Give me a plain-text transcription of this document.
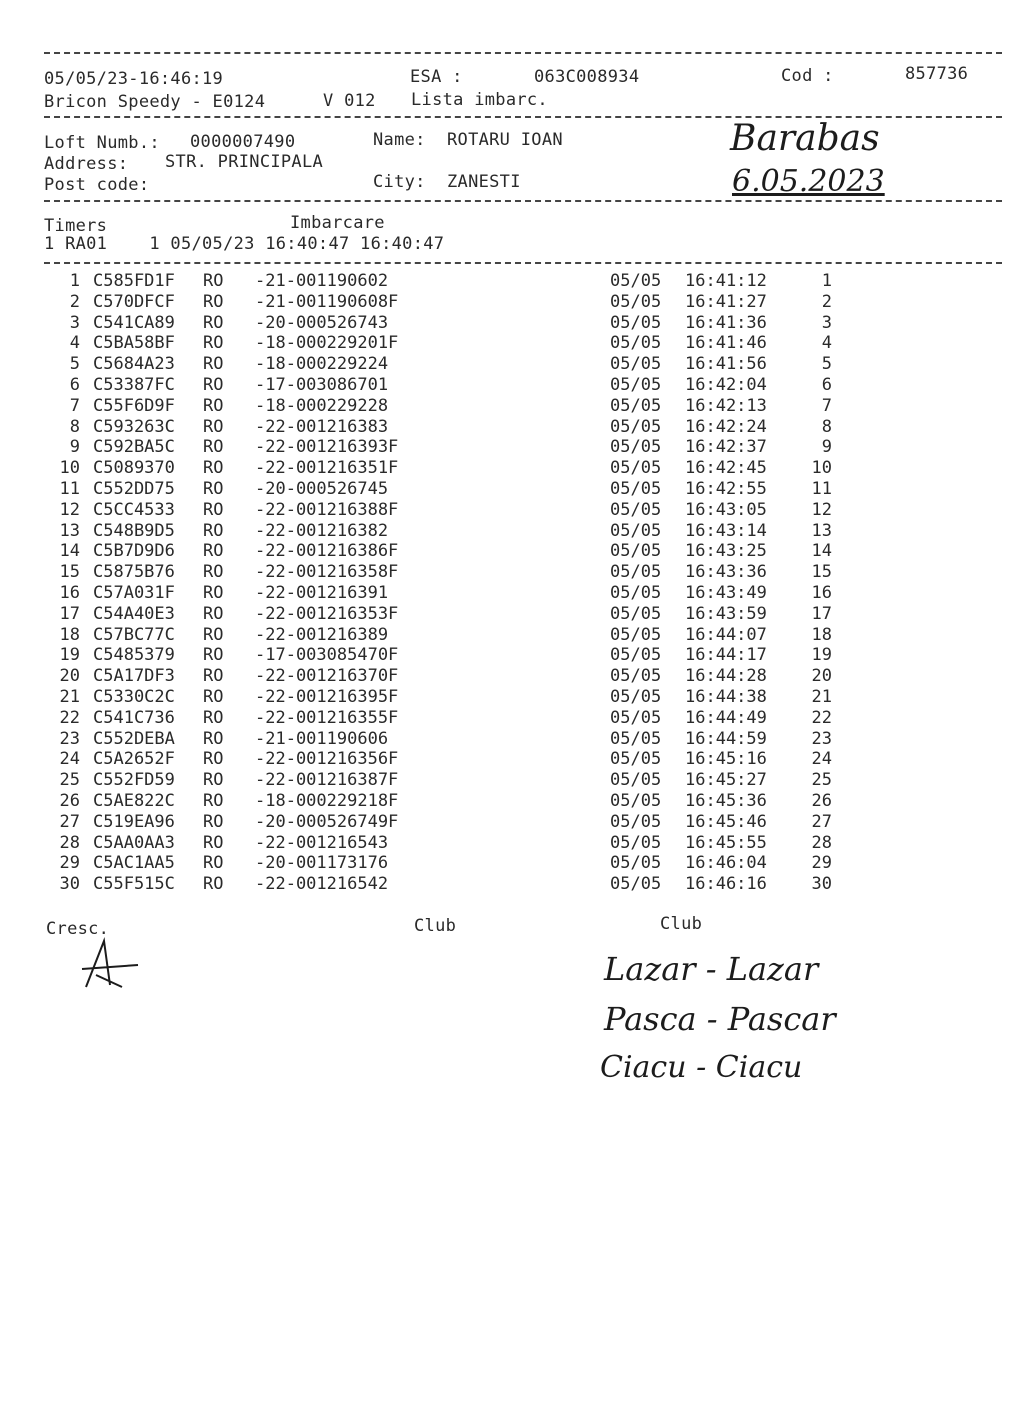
05/05/23-16:46:19	ESA :	063C008934	Cod :	857736
Bricon Speedy - E0124	V 012 Lista imbarc.
Loft Numb.: 0000007490	Name: ROTARU IOAN
Address: STR. PRINCIPALA
Post code:	City: ZANESTI
Barabas
6.05.2023
Timers	Imbarcare
1 RA01    1 05/05/23 16:40:47 16:40:47
1 C585FD1F RO -21-001190602	05/05 16:41:12	1
2 C570DFCF RO -21-001190608F	05/05 16:41:27	2
3 C541CA89 RO -20-000526743	05/05 16:41:36	3
4 C5BA58BF RO -18-000229201F	05/05 16:41:46	4
5 C5684A23 RO -18-000229224	05/05 16:41:56	5
6 C53387FC RO -17-003086701	05/05 16:42:04	6
7 C55F6D9F RO -18-000229228	05/05 16:42:13	7
8 C593263C RO -22-001216383	05/05 16:42:24	8
9 C592BA5C RO -22-001216393F	05/05 16:42:37	9
10 C5089370 RO -22-001216351F	05/05 16:42:45	10
11 C552DD75 RO -20-000526745	05/05 16:42:55	11
12 C5CC4533 RO -22-001216388F	05/05 16:43:05	12
13 C548B9D5 RO -22-001216382	05/05 16:43:14	13
14 C5B7D9D6 RO -22-001216386F	05/05 16:43:25	14
15 C5875B76 RO -22-001216358F	05/05 16:43:36	15
16 C57A031F RO -22-001216391	05/05 16:43:49	16
17 C54A40E3 RO -22-001216353F	05/05 16:43:59	17
18 C57BC77C RO -22-001216389	05/05 16:44:07	18
19 C5485379 RO -17-003085470F	05/05 16:44:17	19
20 C5A17DF3 RO -22-001216370F	05/05 16:44:28	20
21 C5330C2C RO -22-001216395F	05/05 16:44:38	21
22 C541C736 RO -22-001216355F	05/05 16:44:49	22
23 C552DEBA RO -21-001190606	05/05 16:44:59	23
24 C5A2652F RO -22-001216356F	05/05 16:45:16	24
25 C552FD59 RO -22-001216387F	05/05 16:45:27	25
26 C5AE822C RO -18-000229218F	05/05 16:45:36	26
27 C519EA96 RO -20-000526749F	05/05 16:45:46	27
28 C5AA0AA3 RO -22-001216543	05/05 16:45:55	28
29 C5AC1AA5 RO -20-001173176	05/05 16:46:04	29
30 C55F515C RO -22-001216542	05/05 16:46:16	30
Cresc.	Club	Club
Lazar - Lazar
Pasca - Pascar
Ciacu - Ciacu
